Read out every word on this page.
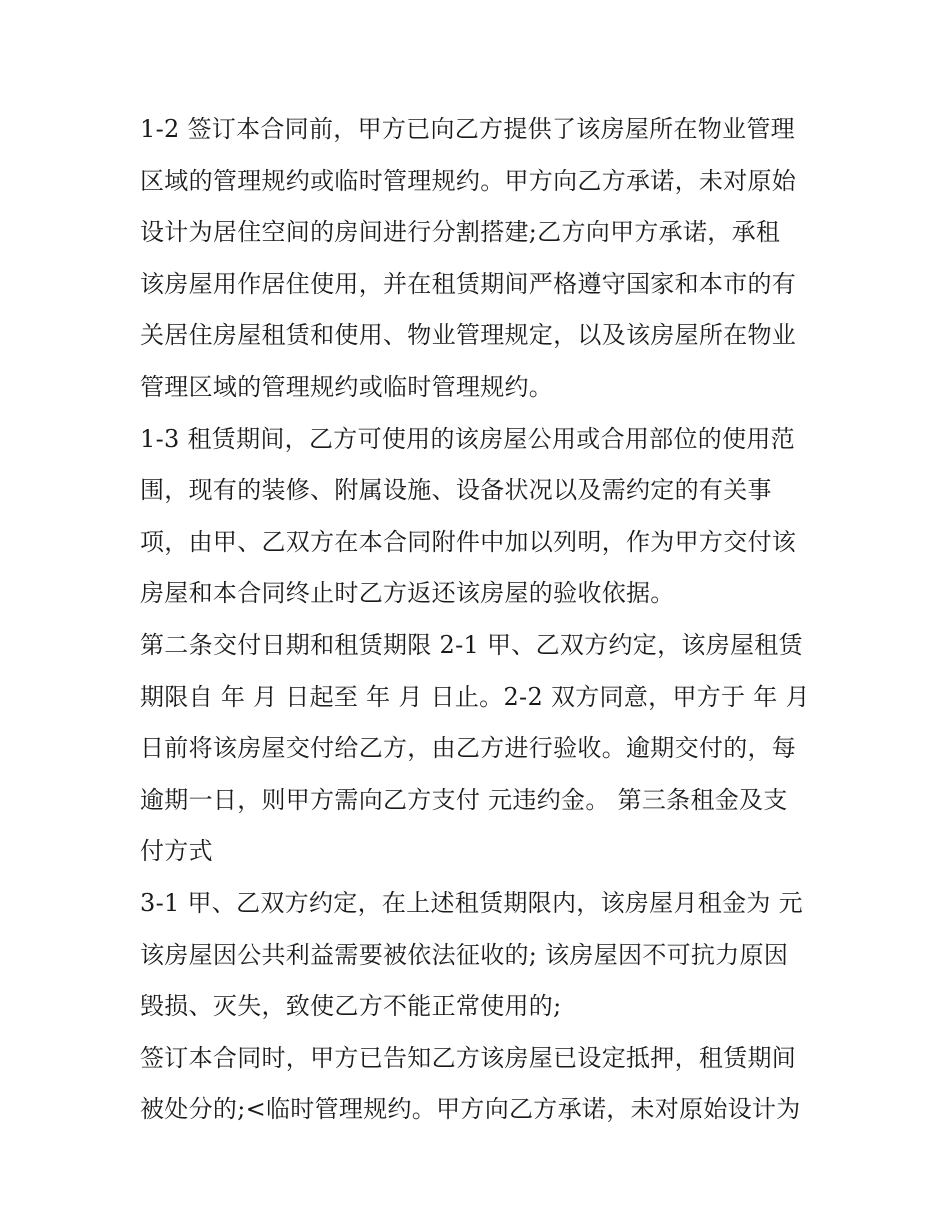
1-2 签订本合同前，甲方已向乙方提供了该房屋所在物业管理
区域的管理规约或临时管理规约。甲方向乙方承诺，未对原始
设计为居住空间的房间进行分割搭建;乙方向甲方承诺，承租
该房屋用作居住使用，并在租赁期间严格遵守国家和本市的有
关居住房屋租赁和使用、物业管理规定，以及该房屋所在物业
管理区域的管理规约或临时管理规约。
1-3 租赁期间，乙方可使用的该房屋公用或合用部位的使用范
围，现有的装修、附属设施、设备状况以及需约定的有关事
项，由甲、乙双方在本合同附件中加以列明，作为甲方交付该
房屋和本合同终止时乙方返还该房屋的验收依据。
第二条交付日期和租赁期限 2-1 甲、乙双方约定，该房屋租赁
期限自 年 月 日起至 年 月 日止。2-2 双方同意，甲方于 年 月
日前将该房屋交付给乙方，由乙方进行验收。逾期交付的，每
逾期一日，则甲方需向乙方支付 元违约金。 第三条租金及支
付方式
3-1 甲、乙双方约定，在上述租赁期限内，该房屋月租金为 元
该房屋因公共利益需要被依法征收的; 该房屋因不可抗力原因
毁损、灭失，致使乙方不能正常使用的;
签订本合同时，甲方已告知乙方该房屋已设定抵押，租赁期间
被处分的;<临时管理规约。甲方向乙方承诺，未对原始设计为
